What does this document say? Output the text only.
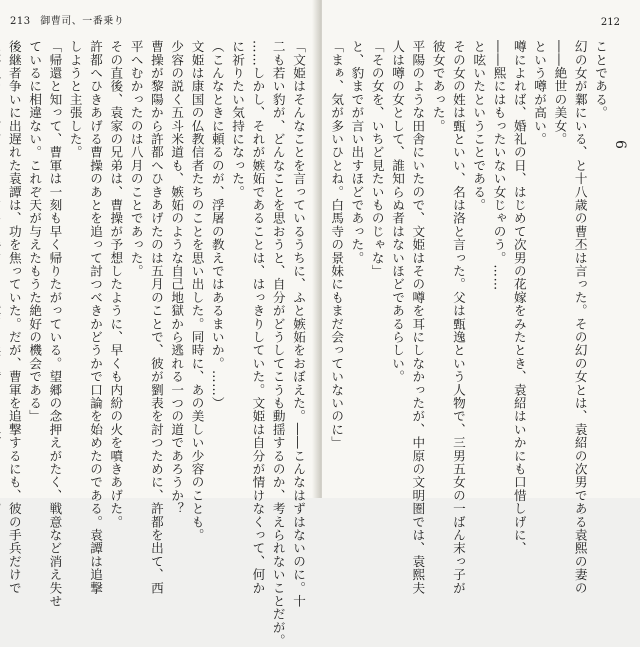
213 御曹司、一番乗り

「文姫はそんなことを言っているうちに、ふと嫉妬をおぼえた。――こんなはずはないのに。十

二も若い豹が、どんなことを思おうと、自分がどうしてこうも動揺するのか、考えられないことだが。

……しかし、それが嫉妬であることは、はっきりしていた。文姫は自分が情けなくって、何か

に祈りたい気持になった。

（こんなときに頼るのが、浮屠の教えではあるまいか。……）

文姫は康国の仏教信者たちのことを思い出した。同時に、あの美しい少容のことも。

少容の説く五斗米道も、嫉妬のような自己地獄から逃れる一つの道であろうか？

曹操が黎陽から許都へひきあげたのは五月のことで、彼が劉表を討つために、許都を出て、西

平へむかったのは八月のことであった。

その直後、袁家の兄弟は、曹操が予想したように、早くも内紛の火を噴きあげた。

許都へひきあげる曹操のあとを追って討つべきかどうかで口論を始めたのである。袁譚は追撃

しようと主張した。

「帰還と知って、曹軍は一刻も早く帰りたがっている。望郷の念押えがたく、戦意など消え失せ

ているに相違ない。これぞ天が与えたもうた絶好の機会である」

後継者争いに出遅れた袁譚は、功を焦っていた。だが、曹軍を追撃するにも、彼の手兵だけで

212

ことである。

幻の女が鄴にいる、と十八歳の曹丕は言った。その幻の女とは、袁紹の次男である袁熙の妻の

――絶世の美女。

という噂が高い。

噂によれば、婚礼の日、はじめて次男の花嫁をみたとき、袁紹はいかにも口惜しげに、

――熙にはもったいない女じゃのう。……

と呟いたということである。

その女の姓は甄といい、名は洛と言った。父は甄逸という人物で、三男五女の一ばん末っ子が

彼女であった。

平陽のような田舎にいたので、文姫はその噂を耳にしなかったが、中原の文明圏では、袁熙夫

人は噂の女として、誰知らぬ者はないほどであるらしい。

「その女を、いちど見たいものじゃな」

と、豹までが言い出すほどであった。

「まぁ、気が多いひとね。白馬寺の景妹にもまだ会っていないのに」	6
